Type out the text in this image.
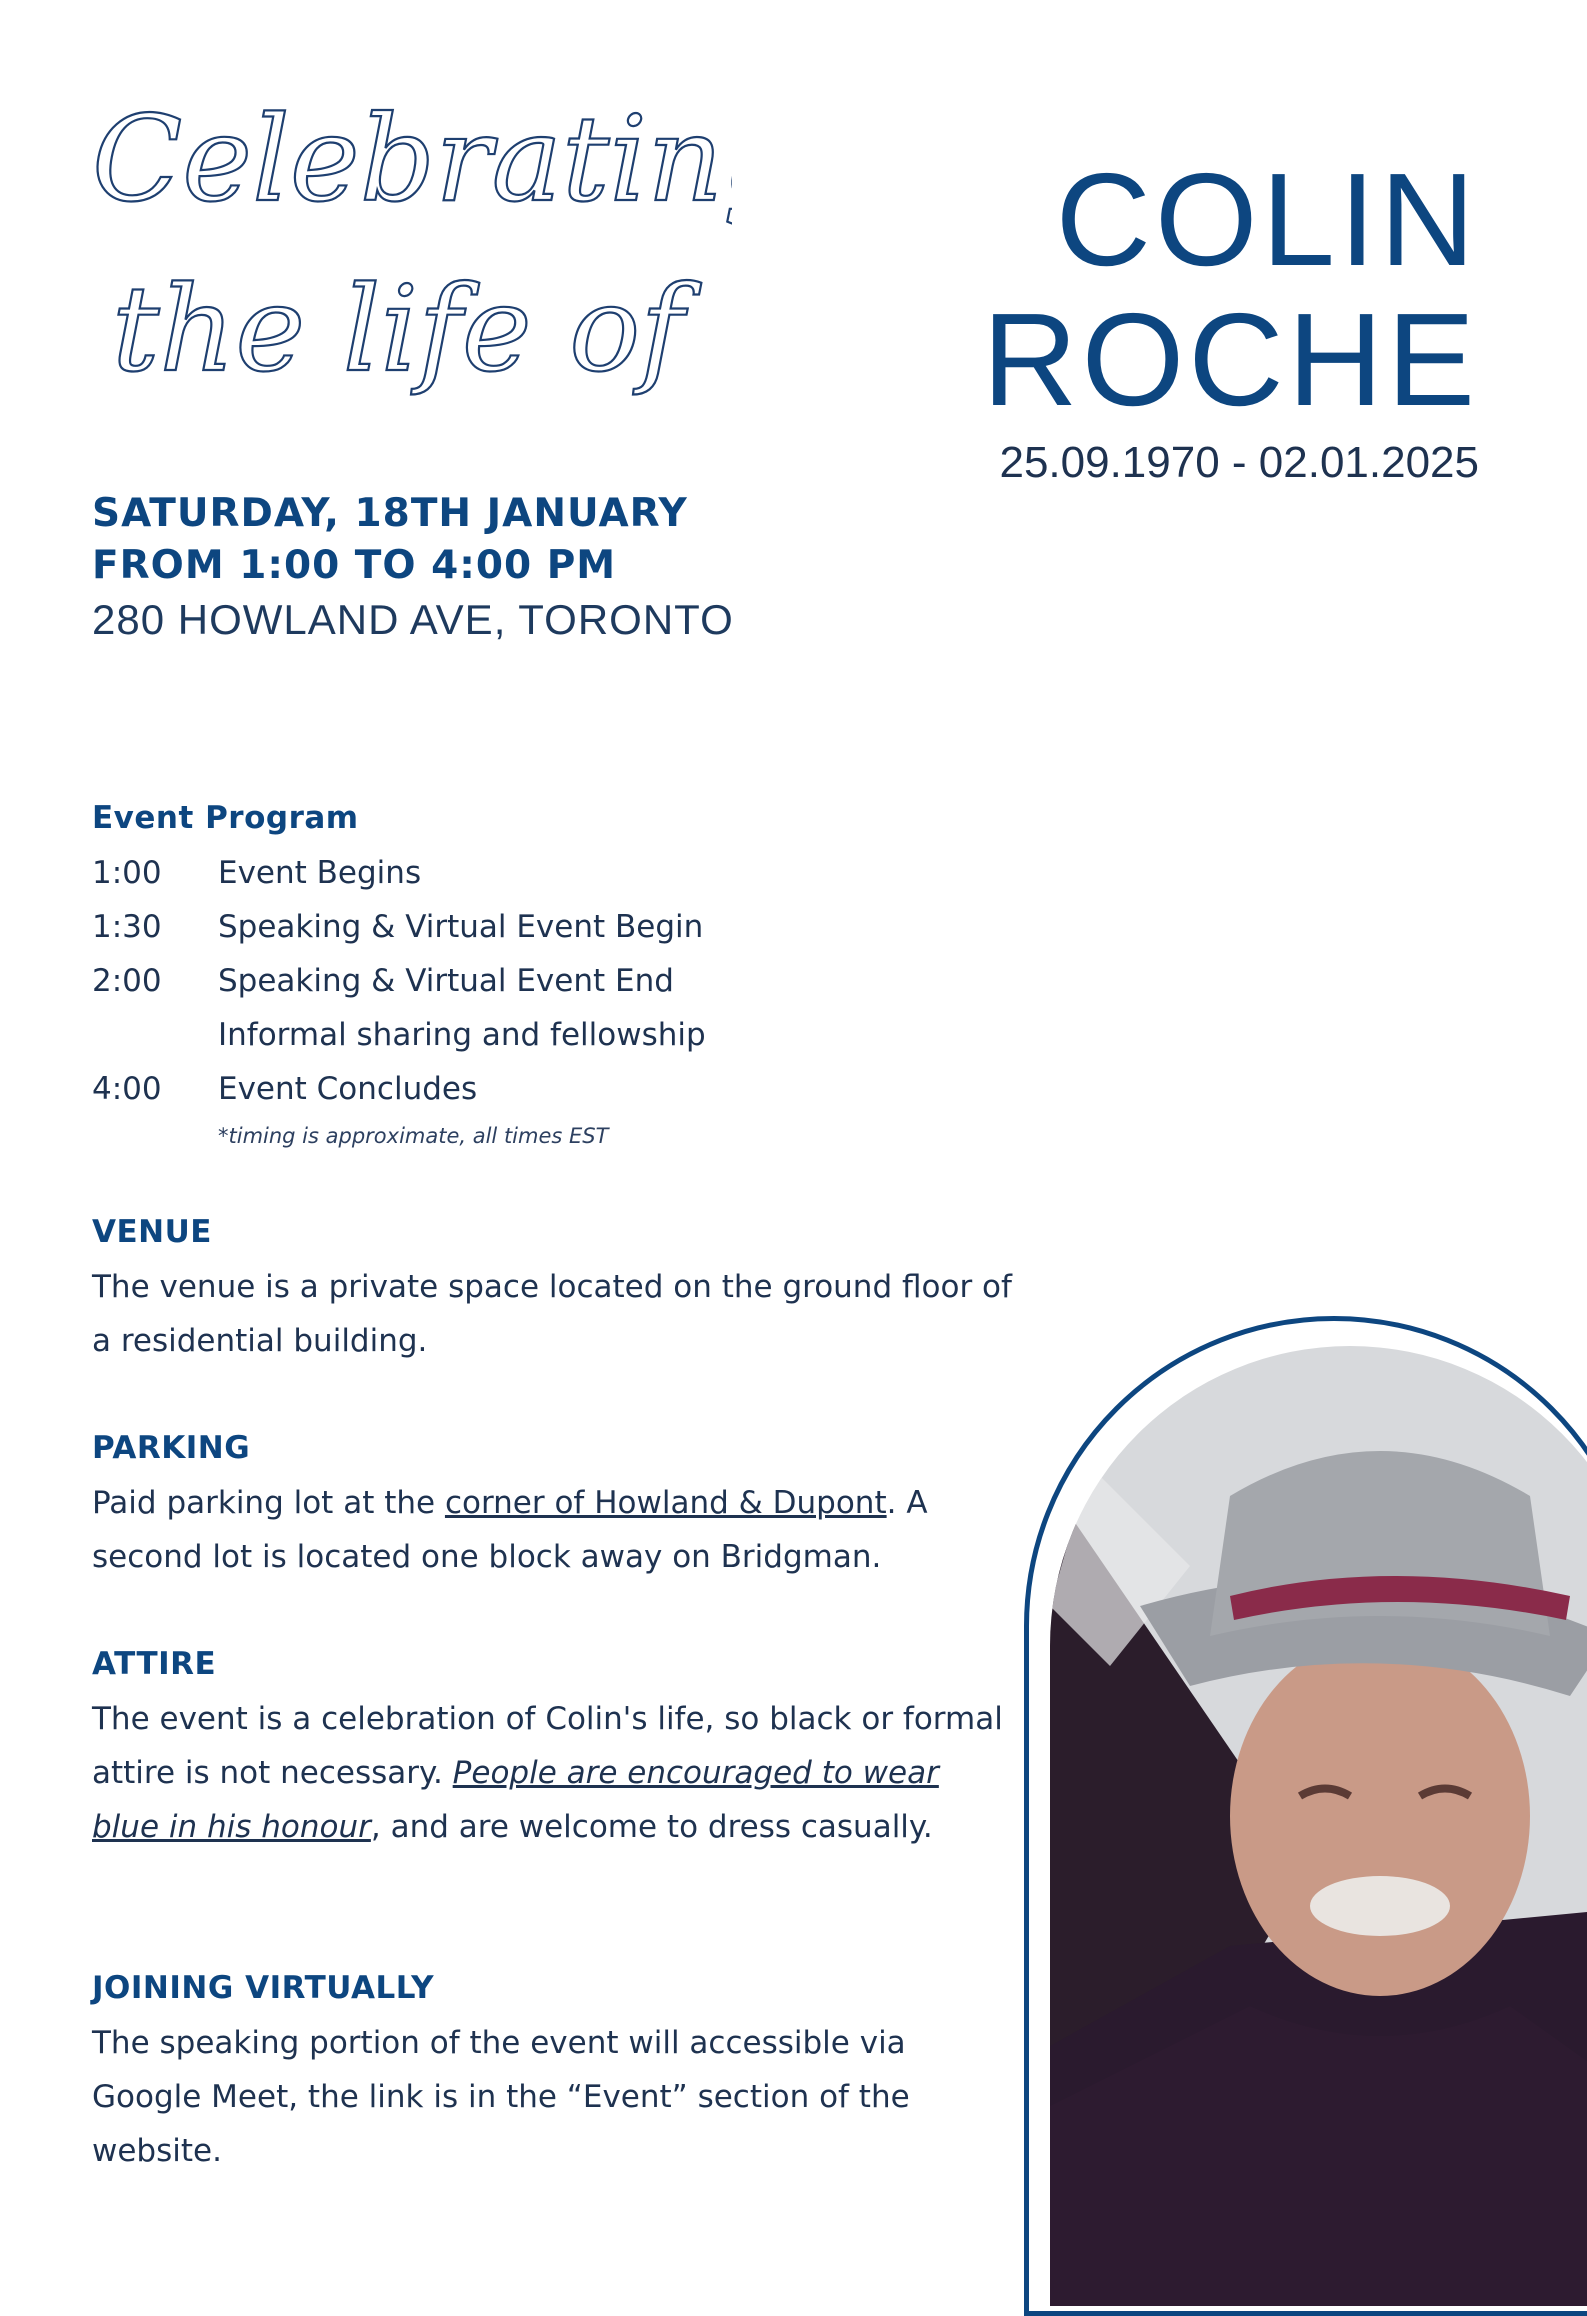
Celebrating
the life of
COLIN
ROCHE
25.09.1970 - 02.01.2025
SATURDAY, 18TH JANUARY
FROM 1:00 TO 4:00 PM
280 HOWLAND AVE, TORONTO
Event Program
1:00	Event Begins
1:30	Speaking & Virtual Event Begin
2:00	Speaking & Virtual Event End
Informal sharing and fellowship
4:00	Event Concludes
*timing is approximate, all times EST
VENUE
The venue is a private space located on the ground floor of a residential building.
PARKING
Paid parking lot at the corner of Howland & Dupont. A second lot is located one block away on Bridgman.
ATTIRE
The event is a celebration of Colin's life, so black or formal attire is not necessary. People are encouraged to wear blue in his honour, and are welcome to dress casually.
JOINING VIRTUALLY
The speaking portion of the event will accessible via Google Meet, the link is in the “Event” section of the website.
